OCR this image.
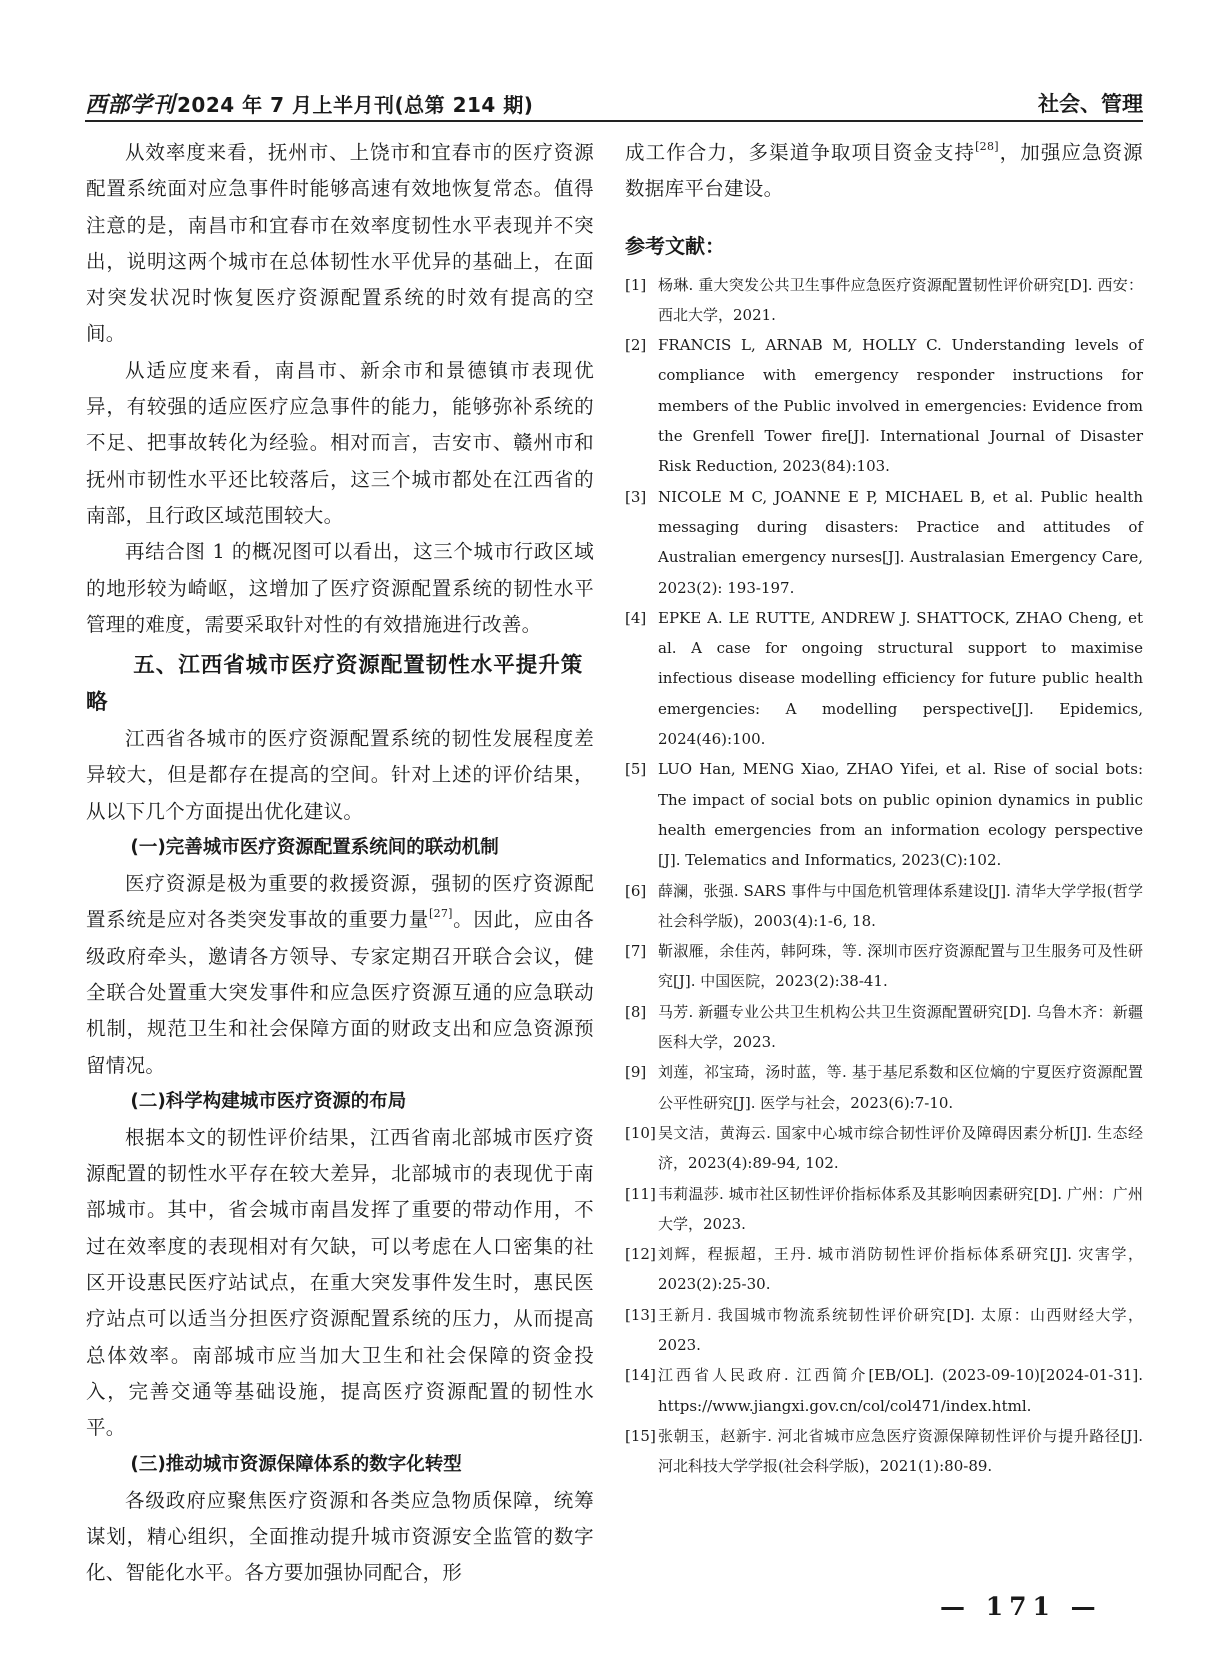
西部学刊 2024 年 7 月上半月刊(总第 214 期)	社会、管理

从效率度来看，抚州市、上饶市和宜春市的医疗资源配置系统面对应急事件时能够高速有效地恢复常态。值得注意的是，南昌市和宜春市在效率度韧性水平表现并不突出，说明这两个城市在总体韧性水平优异的基础上，在面对突发状况时恢复医疗资源配置系统的时效有提高的空间。

从适应度来看，南昌市、新余市和景德镇市表现优异，有较强的适应医疗应急事件的能力，能够弥补系统的不足、把事故转化为经验。相对而言，吉安市、赣州市和抚州市韧性水平还比较落后，这三个城市都处在江西省的南部，且行政区域范围较大。

再结合图 1 的概况图可以看出，这三个城市行政区域的地形较为崎岖，这增加了医疗资源配置系统的韧性水平管理的难度，需要采取针对性的有效措施进行改善。

五、江西省城市医疗资源配置韧性水平提升策略

江西省各城市的医疗资源配置系统的韧性发展程度差异较大，但是都存在提高的空间。针对上述的评价结果，从以下几个方面提出优化建议。

(一)完善城市医疗资源配置系统间的联动机制

医疗资源是极为重要的救援资源，强韧的医疗资源配置系统是应对各类突发事故的重要力量[27]。因此，应由各级政府牵头，邀请各方领导、专家定期召开联合会议，健全联合处置重大突发事件和应急医疗资源互通的应急联动机制，规范卫生和社会保障方面的财政支出和应急资源预留情况。

(二)科学构建城市医疗资源的布局

根据本文的韧性评价结果，江西省南北部城市医疗资源配置的韧性水平存在较大差异，北部城市的表现优于南部城市。其中，省会城市南昌发挥了重要的带动作用，不过在效率度的表现相对有欠缺，可以考虑在人口密集的社区开设惠民医疗站试点，在重大突发事件发生时，惠民医疗站点可以适当分担医疗资源配置系统的压力，从而提高总体效率。南部城市应当加大卫生和社会保障的资金投入，完善交通等基础设施，提高医疗资源配置的韧性水平。

(三)推动城市资源保障体系的数字化转型

各级政府应聚焦医疗资源和各类应急物质保障，统筹谋划，精心组织，全面推动提升城市资源安全监管的数字化、智能化水平。各方要加强协同配合，形

成工作合力，多渠道争取项目资金支持[28]，加强应急资源数据库平台建设。

参考文献：

[1] 杨琳. 重大突发公共卫生事件应急医疗资源配置韧性评价研究[D]. 西安：西北大学，2021.

[2] FRANCIS L, ARNAB M, HOLLY C. Understanding levels of compliance with emergency responder instructions for members of the Public involved in emergencies: Evidence from the Grenfell Tower fire[J]. International Journal of Disaster Risk Reduction, 2023(84):103.

[3] NICOLE M C, JOANNE E P, MICHAEL B, et al. Public health messaging during disasters: Practice and attitudes of Australian emergency nurses[J]. Australasian Emergency Care, 2023(2): 193-197.

[4] EPKE A. LE RUTTE, ANDREW J. SHATTOCK, ZHAO Cheng, et al. A case for ongoing structural support to maximise infectious disease modelling efficiency for future public health emergencies: A modelling perspective[J]. Epidemics, 2024(46):100.

[5] LUO Han, MENG Xiao, ZHAO Yifei, et al. Rise of social bots: The impact of social bots on public opinion dynamics in public health emergencies from an information ecology perspective [J]. Telematics and Informatics, 2023(C):102.

[6] 薛澜，张强. SARS 事件与中国危机管理体系建设[J]. 清华大学学报(哲学社会科学版)，2003(4):1-6, 18.

[7] 靳淑雁，余佳芮，韩阿珠，等. 深圳市医疗资源配置与卫生服务可及性研究[J]. 中国医院，2023(2):38-41.

[8] 马芳. 新疆专业公共卫生机构公共卫生资源配置研究[D]. 乌鲁木齐：新疆医科大学，2023.

[9] 刘莲，祁宝琦，汤时蓝，等. 基于基尼系数和区位熵的宁夏医疗资源配置公平性研究[J]. 医学与社会，2023(6):7-10.

[10] 吴文洁，黄海云. 国家中心城市综合韧性评价及障碍因素分析[J]. 生态经济，2023(4):89-94, 102.

[11] 韦莉温莎. 城市社区韧性评价指标体系及其影响因素研究[D]. 广州：广州大学，2023.

[12] 刘辉，程振超，王丹. 城市消防韧性评价指标体系研究[J]. 灾害学，2023(2):25-30.

[13] 王新月. 我国城市物流系统韧性评价研究[D]. 太原：山西财经大学，2023.

[14] 江西省人民政府. 江西简介[EB/OL]. (2023-09-10)[2024-01-31]. https://www.jiangxi.gov.cn/col/col471/index.html.

[15] 张朝玉，赵新宇. 河北省城市应急医疗资源保障韧性评价与提升路径[J]. 河北科技大学学报(社会科学版)，2021(1):80-89.

— 171 —
